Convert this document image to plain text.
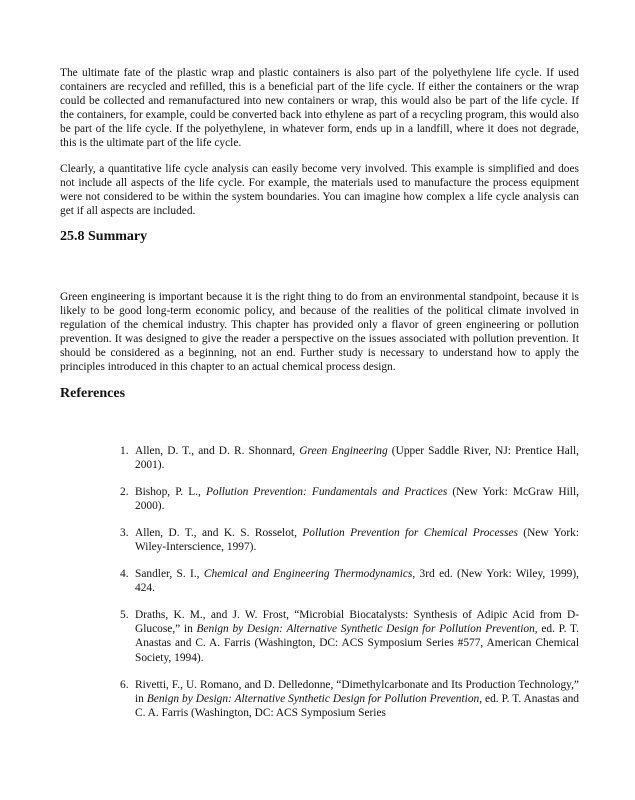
The ultimate fate of the plastic wrap and plastic containers is also part of the polyethylene life cycle. If used containers are recycled and refilled, this is a beneficial part of the life cycle. If either the containers or the wrap could be collected and remanufactured into new containers or wrap, this would also be part of the life cycle. If the containers, for example, could be converted back into ethylene as part of a recycling program, this would also be part of the life cycle. If the polyethylene, in whatever form, ends up in a landfill, where it does not degrade, this is the ultimate part of the life cycle.

Clearly, a quantitative life cycle analysis can easily become very involved. This example is simplified and does not include all aspects of the life cycle. For example, the materials used to manufacture the process equipment were not considered to be within the system boundaries. You can imagine how complex a life cycle analysis can get if all aspects are included.

25.8 Summary

Green engineering is important because it is the right thing to do from an environmental standpoint, because it is likely to be good long-term economic policy, and because of the realities of the political climate involved in regulation of the chemical industry. This chapter has provided only a flavor of green engineering or pollution prevention. It was designed to give the reader a perspective on the issues associated with pollution prevention. It should be considered as a beginning, not an end. Further study is necessary to understand how to apply the principles introduced in this chapter to an actual chemical process design.

References
1. Allen, D. T., and D. R. Shonnard, Green Engineering (Upper Saddle River, NJ: Prentice Hall, 2001).
2. Bishop, P. L., Pollution Prevention: Fundamentals and Practices (New York: McGraw Hill, 2000).
3. Allen, D. T., and K. S. Rosselot, Pollution Prevention for Chemical Processes (New York: Wiley-Interscience, 1997).
4. Sandler, S. I., Chemical and Engineering Thermodynamics, 3rd ed. (New York: Wiley, 1999), 424.
5. Draths, K. M., and J. W. Frost, “Microbial Biocatalysts: Synthesis of Adipic Acid from D-Glucose,” in Benign by Design: Alternative Synthetic Design for Pollution Prevention, ed. P. T. Anastas and C. A. Farris (Washington, DC: ACS Symposium Series #577, American Chemical Society, 1994).
6. Rivetti, F., U. Romano, and D. Delledonne, “Dimethylcarbonate and Its Production Technology,” in Benign by Design: Alternative Synthetic Design for Pollution Prevention, ed. P. T. Anastas and C. A. Farris (Washington, DC: ACS Symposium Series
